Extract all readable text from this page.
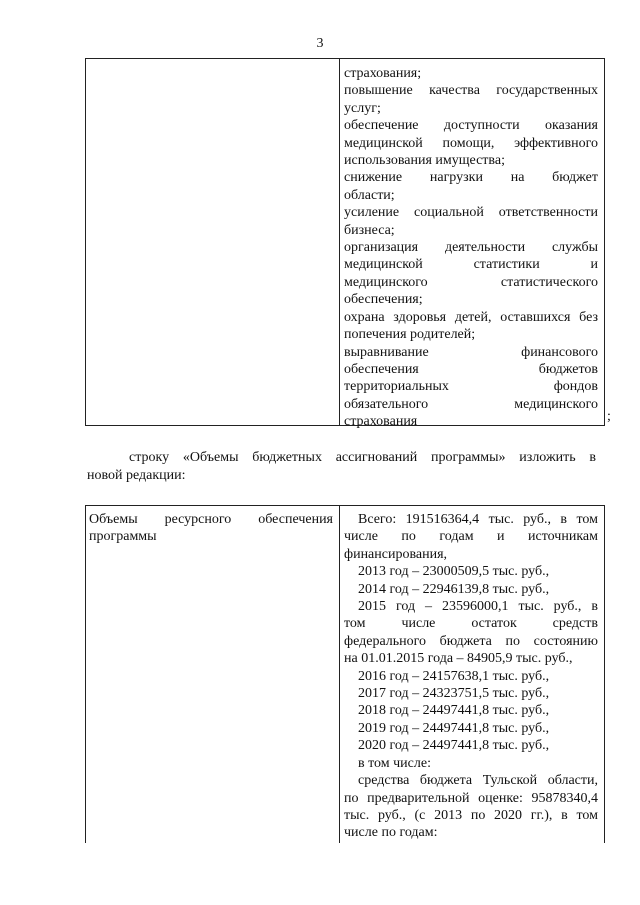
3
страхования;
повышение качества государственных
услуг;
обеспечение доступности оказания
медицинской помощи, эффективного
использования имущества;
снижение нагрузки на бюджет
области;
усиление социальной ответственности
бизнеса;
организация деятельности службы
медицинской статистики и
медицинского статистического
обеспечения;
охрана здоровья детей, оставшихся без
попечения родителей;
выравнивание финансового
обеспечения бюджетов
территориальных фондов
обязательного медицинского
страхования	;
строку «Объемы бюджетных ассигнований программы» изложить в
новой редакции:
Объемы ресурсного обеспечения
программы
Всего: 191516364,4 тыс. руб., в том
числе по годам и источникам
финансирования,
2013 год – 23000509,5 тыс. руб.,
2014 год – 22946139,8 тыс. руб.,
2015 год – 23596000,1 тыс. руб., в
том числе остаток средств
федерального бюджета по состоянию
на 01.01.2015 года – 84905,9 тыс. руб.,
2016 год – 24157638,1 тыс. руб.,
2017 год – 24323751,5 тыс. руб.,
2018 год – 24497441,8 тыс. руб.,
2019 год – 24497441,8 тыс. руб.,
2020 год – 24497441,8 тыс. руб.,
в том числе:
средства бюджета Тульской области,
по предварительной оценке: 95878340,4
тыс. руб., (с 2013 по 2020 гг.), в том
числе по годам:
